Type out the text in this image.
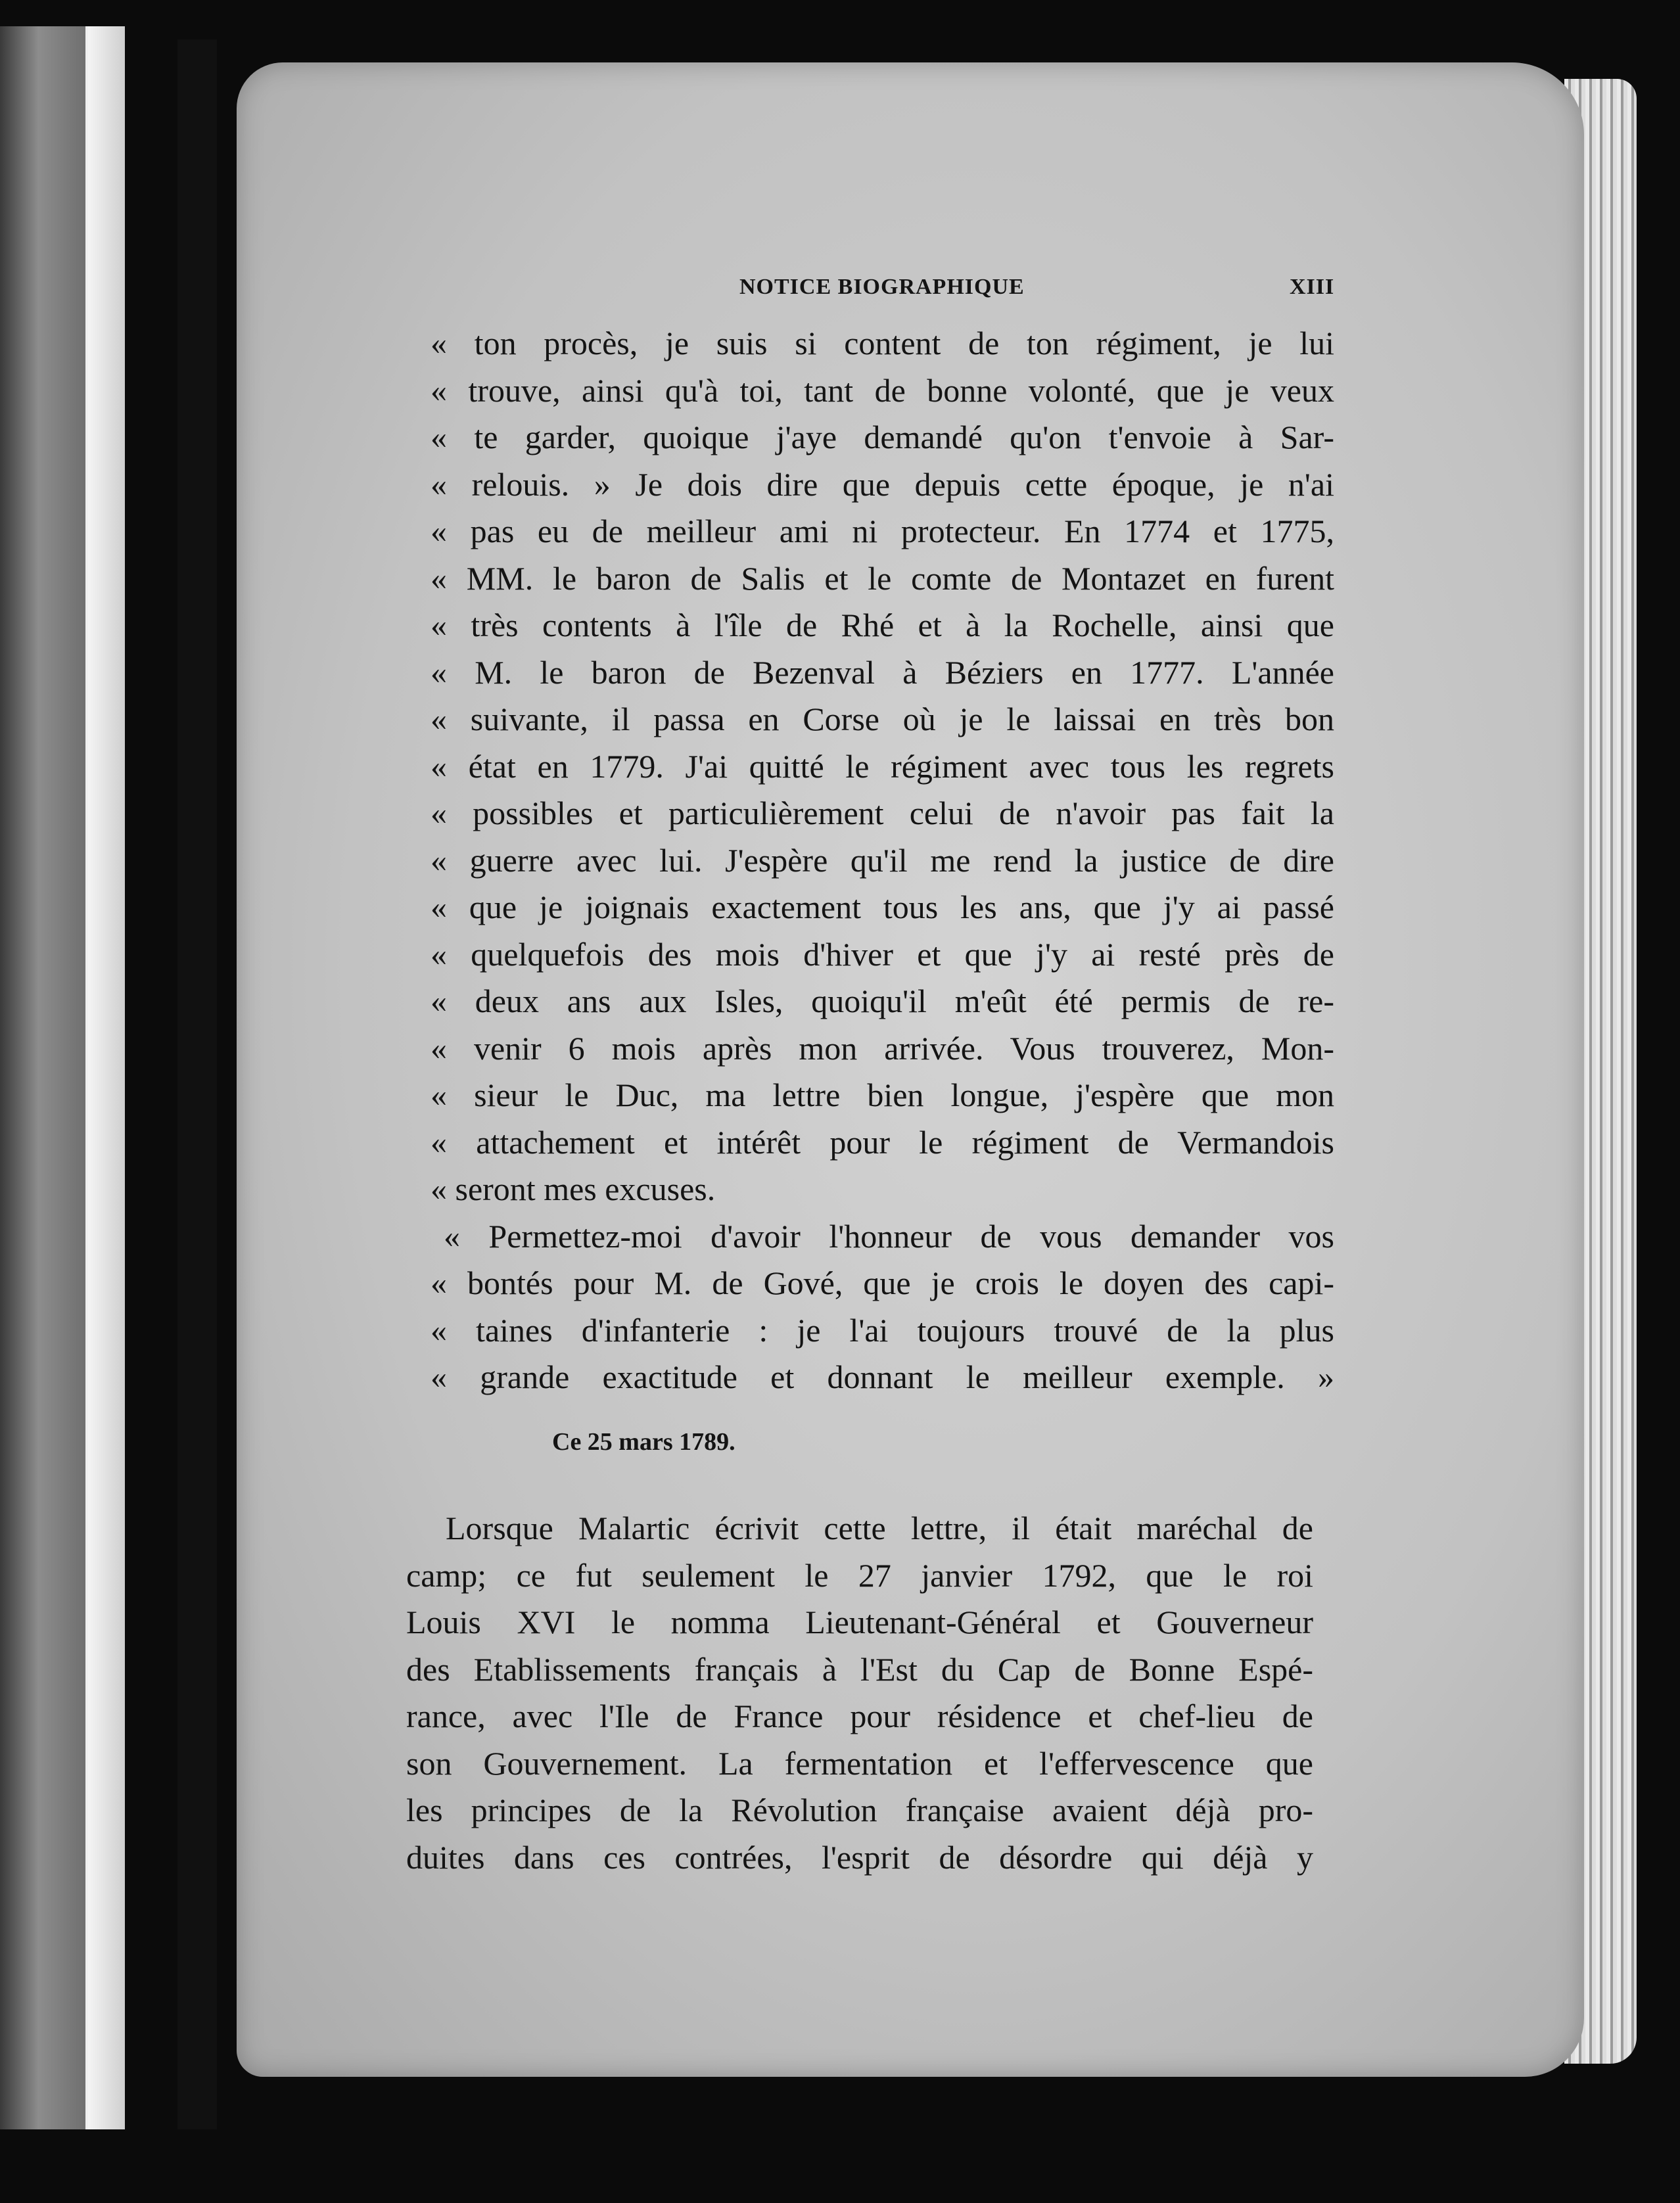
NOTICE BIOGRAPHIQUE	XIII

« ton procès, je suis si content de ton régiment, je lui

« trouve, ainsi qu'à toi, tant de bonne volonté, que je veux

« te garder, quoique j'aye demandé qu'on t'envoie à Sar-

« relouis. » Je dois dire que depuis cette époque, je n'ai

« pas eu de meilleur ami ni protecteur. En 1774 et 1775,

« MM. le baron de Salis et le comte de Montazet en furent

« très contents à l'île de Rhé et à la Rochelle, ainsi que

« M. le baron de Bezenval à Béziers en 1777. L'année

« suivante, il passa en Corse où je le laissai en très bon

« état en 1779. J'ai quitté le régiment avec tous les regrets

« possibles et particulièrement celui de n'avoir pas fait la

« guerre avec lui. J'espère qu'il me rend la justice de dire

« que je joignais exactement tous les ans, que j'y ai passé

« quelquefois des mois d'hiver et que j'y ai resté près de

« deux ans aux Isles, quoiqu'il m'eût été permis de re-

« venir 6 mois après mon arrivée. Vous trouverez, Mon-

« sieur le Duc, ma lettre bien longue, j'espère que mon

« attachement et intérêt pour le régiment de Vermandois

« seront mes excuses.

« Permettez-moi d'avoir l'honneur de vous demander vos

« bontés pour M. de Gové, que je crois le doyen des capi-

« taines d'infanterie : je l'ai toujours trouvé de la plus

« grande exactitude et donnant le meilleur exemple. »

Ce 25 mars 1789.

Lorsque Malartic écrivit cette lettre, il était maréchal de

camp; ce fut seulement le 27 janvier 1792, que le roi

Louis XVI le nomma Lieutenant-Général et Gouverneur

des Etablissements français à l'Est du Cap de Bonne Espé-

rance, avec l'Ile de France pour résidence et chef-lieu de

son Gouvernement. La fermentation et l'effervescence que

les principes de la Révolution française avaient déjà pro-

duites dans ces contrées, l'esprit de désordre qui déjà y
